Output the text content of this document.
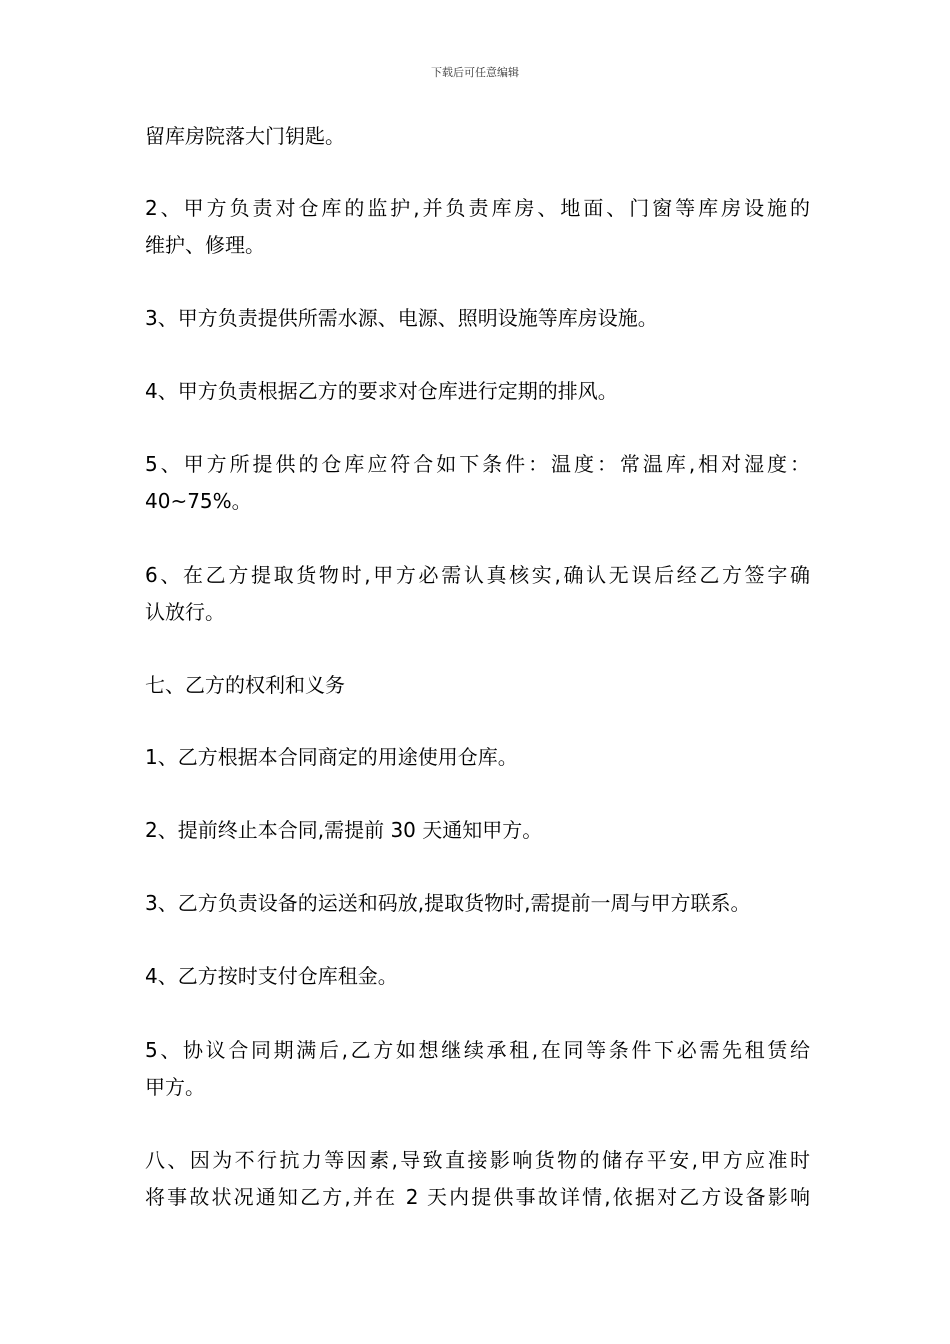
下载后可任意编辑
留库房院落大门钥匙。
2、甲方负责对仓库的监护,并负责库房、地面、门窗等库房设施的
维护、修理。
3、甲方负责提供所需水源、电源、照明设施等库房设施。
4、甲方负责根据乙方的要求对仓库进行定期的排风。
5、甲方所提供的仓库应符合如下条件：温度：常温库,相对湿度：
40~75%。
6、在乙方提取货物时,甲方必需认真核实,确认无误后经乙方签字确
认放行。
七、乙方的权利和义务
1、乙方根据本合同商定的用途使用仓库。
2、提前终止本合同,需提前 30 天通知甲方。
3、乙方负责设备的运送和码放,提取货物时,需提前一周与甲方联系。
4、乙方按时支付仓库租金。
5、协议合同期满后,乙方如想继续承租,在同等条件下必需先租赁给
甲方。
八、因为不行抗力等因素,导致直接影响货物的储存平安,甲方应准时
将事故状况通知乙方,并在 2 天内提供事故详情,依据对乙方设备影响
